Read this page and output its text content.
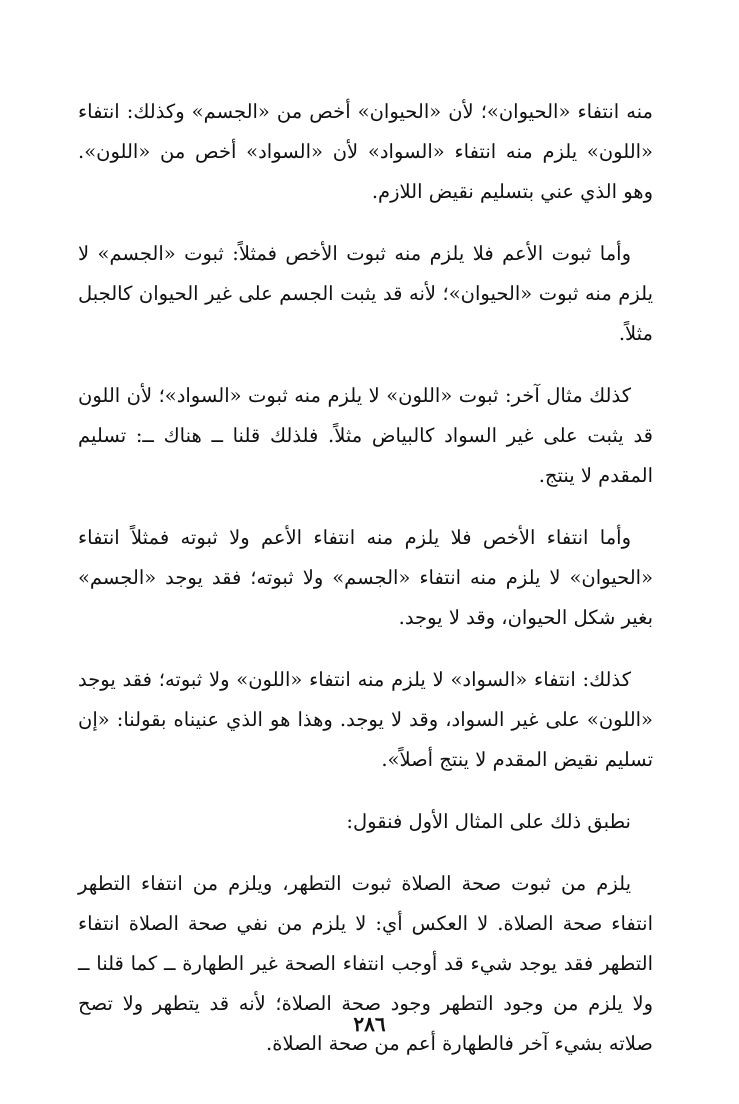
منه انتفاء «الحيوان»؛ لأن «الحيوان» أخص من «الجسم» وكذلك: انتفاء «اللون» يلزم منه انتفاء «السواد» لأن «السواد» أخص من «اللون». وهو الذي عني بتسليم نقيض اللازم.

وأما ثبوت الأعم فلا يلزم منه ثبوت الأخص فمثلاً: ثبوت «الجسم» لا يلزم منه ثبوت «الحيوان»؛ لأنه قد يثبت الجسم على غير الحيوان كالجبل مثلاً.

كذلك مثال آخر: ثبوت «اللون» لا يلزم منه ثبوت «السواد»؛ لأن اللون قد يثبت على غير السواد كالبياض مثلاً. فلذلك قلنا ــ هناك ــ: تسليم المقدم لا ينتج.

وأما انتفاء الأخص فلا يلزم منه انتفاء الأعم ولا ثبوته فمثلاً انتفاء «الحيوان» لا يلزم منه انتفاء «الجسم» ولا ثبوته؛ فقد يوجد «الجسم» بغير شكل الحيوان، وقد لا يوجد.

كذلك: انتفاء «السواد» لا يلزم منه انتفاء «اللون» ولا ثبوته؛ فقد يوجد «اللون» على غير السواد، وقد لا يوجد. وهذا هو الذي عنيناه بقولنا: «إن تسليم نقيض المقدم لا ينتج أصلاً».

نطبق ذلك على المثال الأول فنقول:

يلزم من ثبوت صحة الصلاة ثبوت التطهر، ويلزم من انتفاء التطهر انتفاء صحة الصلاة. لا العكس أي: لا يلزم من نفي صحة الصلاة انتفاء التطهر فقد يوجد شيء قد أوجب انتفاء الصحة غير الطهارة ــ كما قلنا ــ ولا يلزم من وجود التطهر وجود صحة الصلاة؛ لأنه قد يتطهر ولا تصح صلاته بشيء آخر فالطهارة أعم من صحة الصلاة.

٢٨٦
